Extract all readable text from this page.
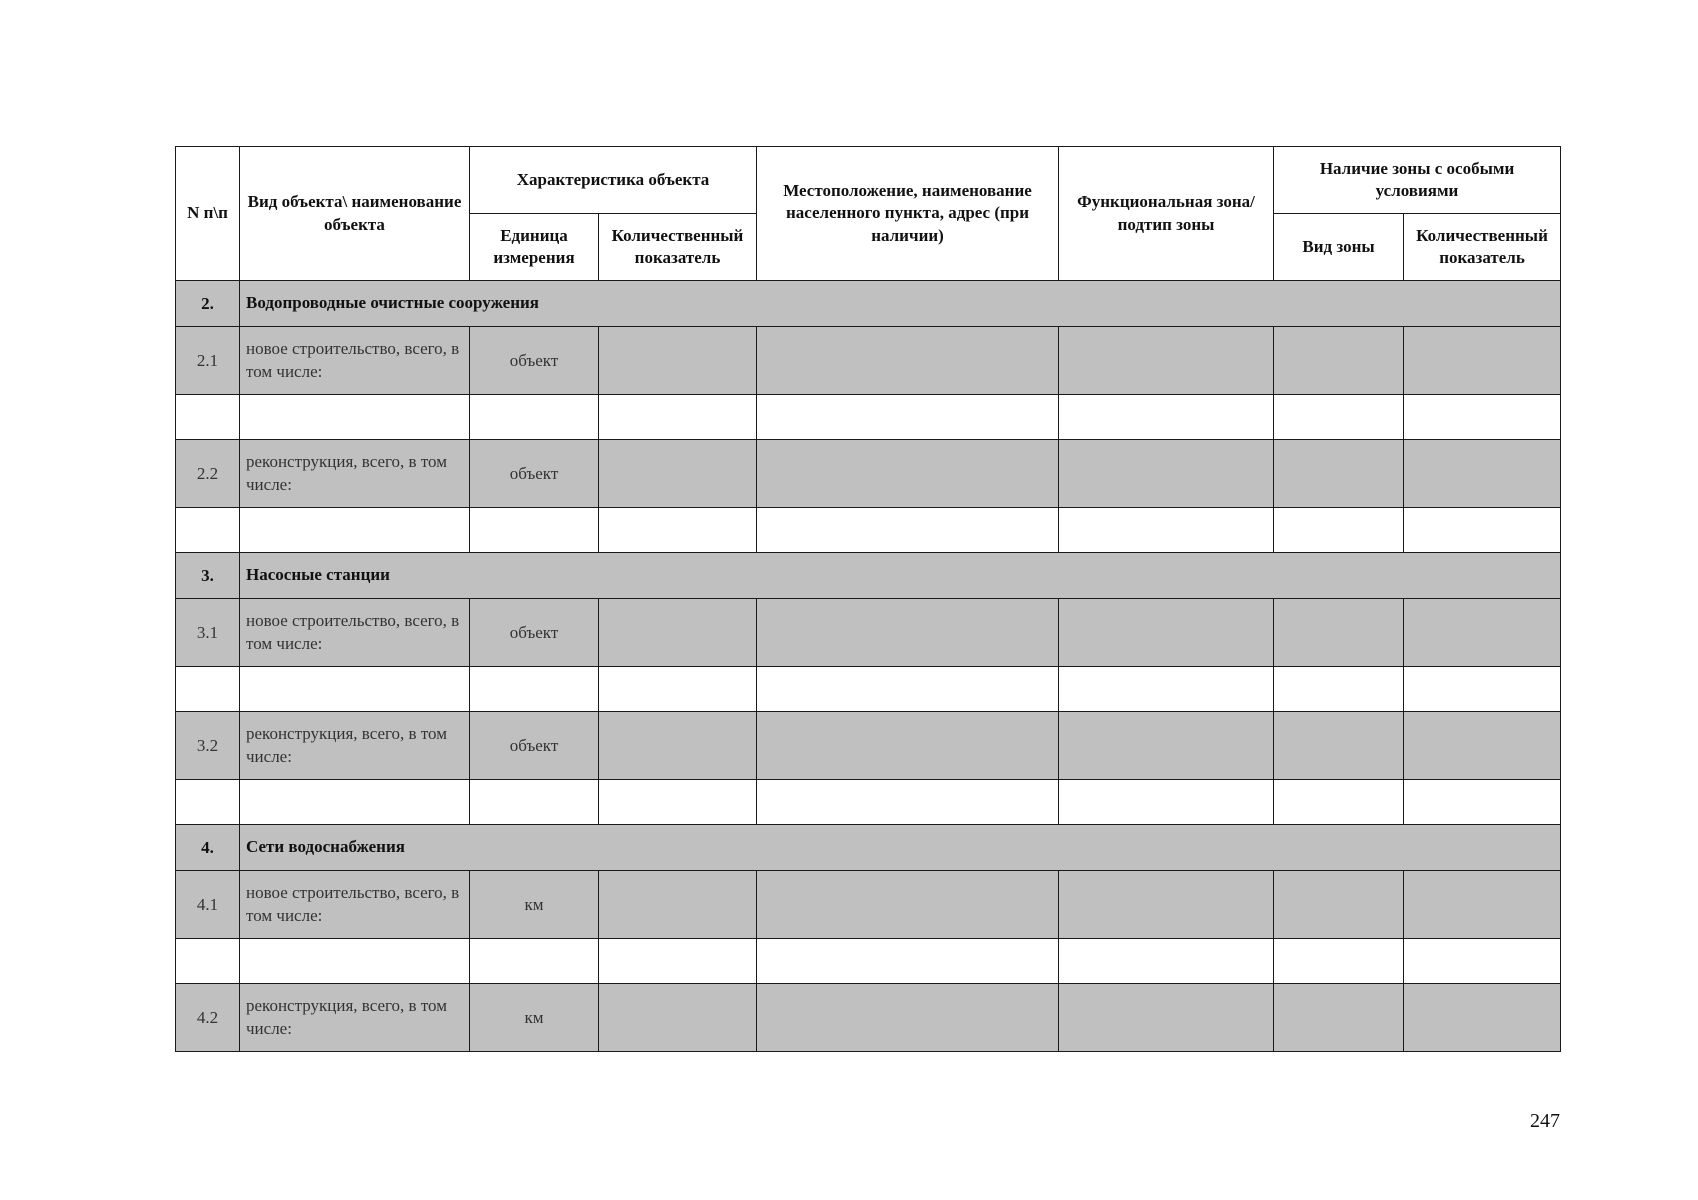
N п\п	Вид объекта\ наименование объекта	Характеристика объекта		Местоположение, наименование населенного пункта, адрес (при наличии)	Функциональная зона/ подтип зоны	Наличие зоны с особыми условиями	
		Единица измерения	Количественный показатель			Вид зоны	Количественный показатель
2.	Водопроводные очистные сооружения						
2.1	новое строительство, всего, в том числе:	объект					

2.2	реконструкция, всего, в том числе:	объект					

3.	Насосные станции						
3.1	новое строительство, всего, в том числе:	объект					

3.2	реконструкция, всего, в том числе:	объект					

4.	Сети водоснабжения						
4.1	новое строительство, всего, в том числе:	км					

4.2	реконструкция, всего, в том числе:	км					
247
